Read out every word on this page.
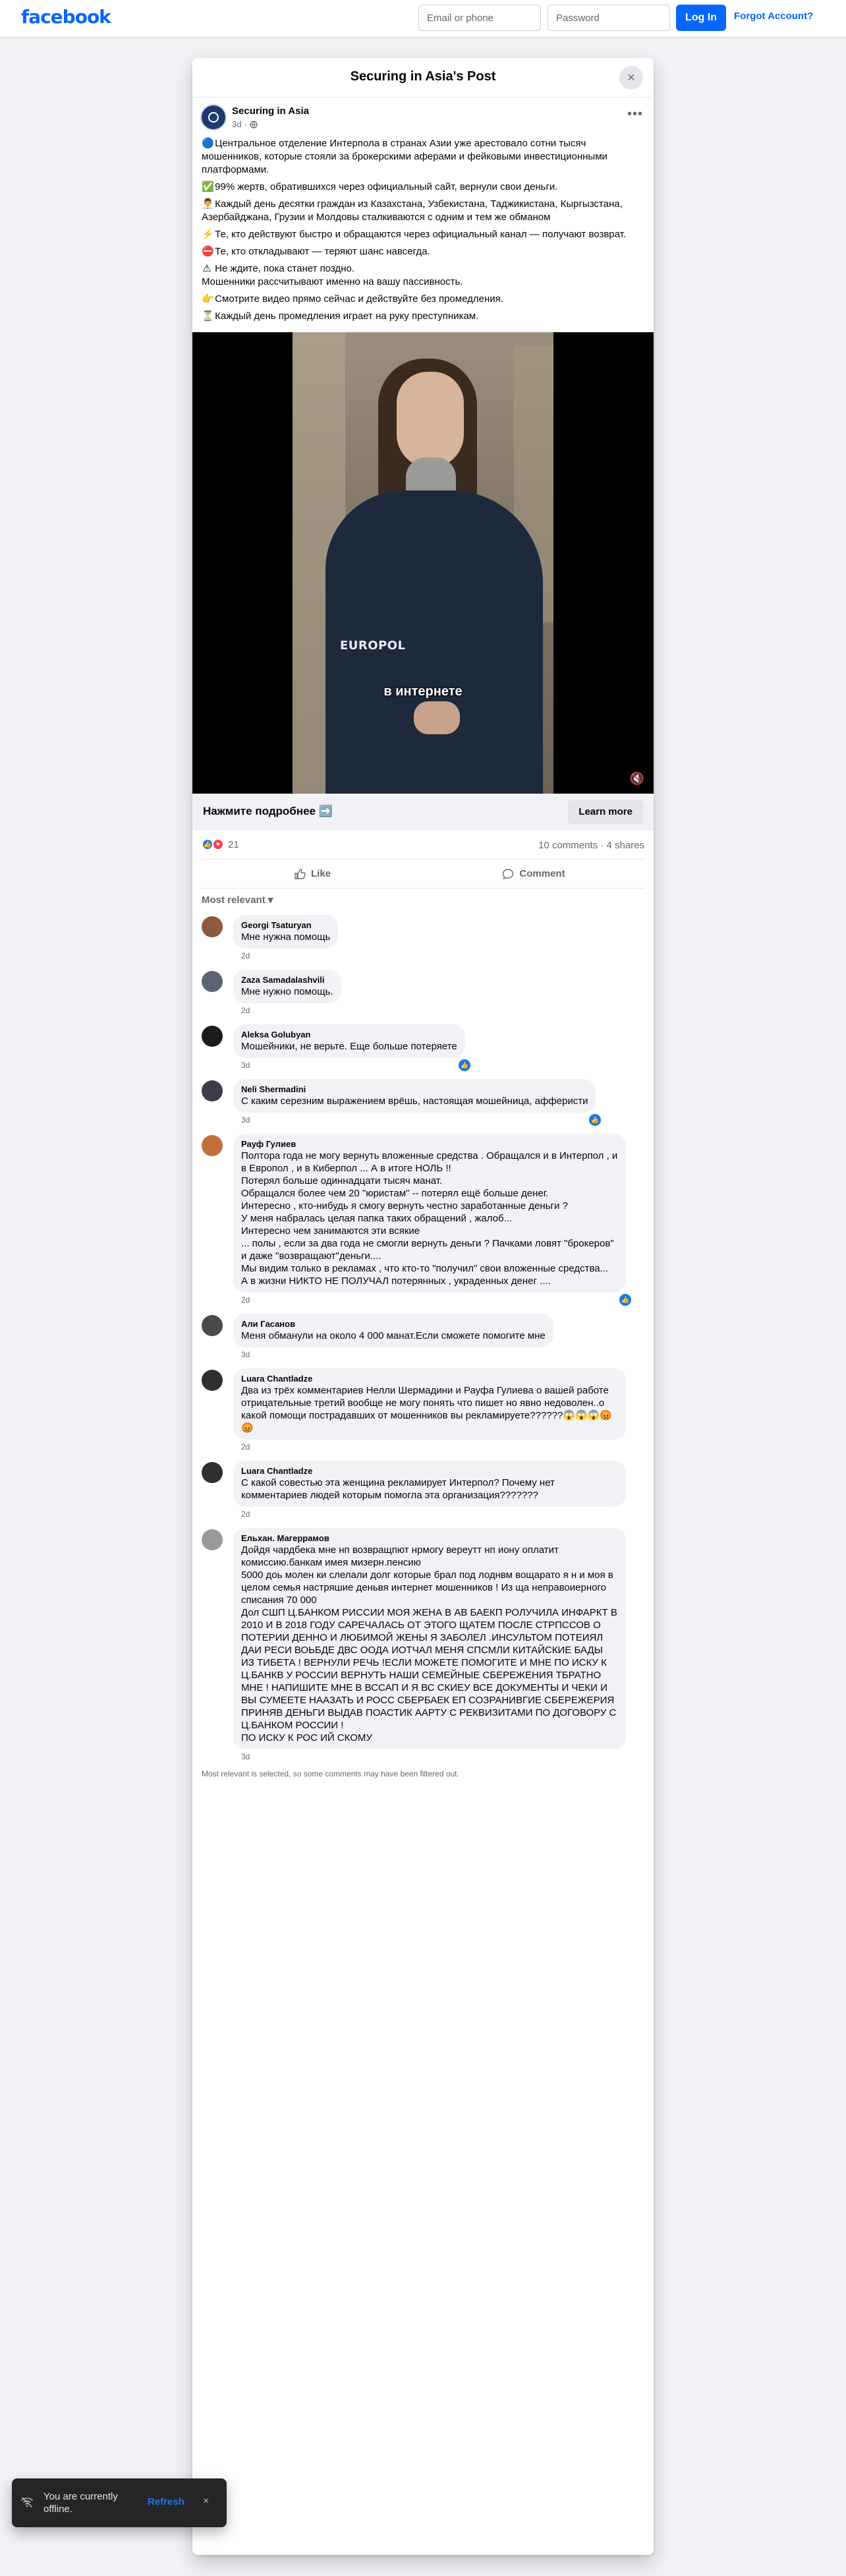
facebook
Email or phone	Log In	Forgot Account?
Securing in Asia's Post	×
Securing in Asia
3d ·
•••

🔵 Центральное отделение Интерпола в странах Азии уже арестовало сотни тысяч мошенников, которые стояли за брокерскими аферами и фейковыми инвестиционными платформами.

✅ 99% жертв, обратившихся через официальный сайт, вернули свои деньги.

👨‍💼 Каждый день десятки граждан из Казахстана, Узбекистана, Таджикистана, Кыргызстана, Азербайджана, Грузии и Молдовы сталкиваются с одним и тем же обманом

⚡ Те, кто действуют быстро и обращаются через официальный канал — получают возврат.

⛔ Те, кто откладывают — теряют шанс навсегда.

⚠ Не ждите, пока станет поздно.
Мошенники рассчитывают именно на вашу пассивность.

👉 Смотрите видео прямо сейчас и действуйте без промедления.

⏳ Каждый день промедления играет на руку преступникам.

EUROPOL
в интернете
🔇
Нажмите подробнее ➡️	Learn more
👍 ♥ 21	10 comments · 4 shares
Like	Comment
Most relevant ▾
Georgi Tsaturyan
Мне нужна помощь
2d
Zaza Samadalashvili
Мне нужно помощь.
2d
Aleksa Golubyan
Мошейники, не верьте. Еще больше потеряете
3d	👍
Neli Shermadini
С каким серезним выражением врёшь, настоящая мошейница, афферисти
3d	👍
Рауф Гулиев
Полтора года не могу вернуть вложенные средства . Обращался и в Интерпол , и в Европол , и в Киберпол ... А в итоге НОЛЬ !!
Потерял больше одиннадцати тысяч манат.
Обращался более чем 20 "юристам" -- потерял ещё больше денег.
Интересно , кто-нибудь я смогу вернуть честно заработанные деньги ?
У меня набралась целая папка таких обращений , жалоб...
Интересно чем занимаются эти всякие
... полы , если за два года не смогли вернуть деньги ? Пачками ловят "брокеров" и даже "возвращают"деньги....
Мы видим только в рекламах , что кто-то "получил" свои вложенные средства...
А в жизни НИКТО НЕ ПОЛУЧАЛ потерянных , украденных денег ....
2d	👍
Али Гасанов
Меня обманули на около 4 000 манат.Если сможете помогите мне
3d
Luara Chantladze
Два из трёх комментариев Нелли Шермадини и Рауфа Гулиева о вашей работе отрицательные третий вообще не могу понять что пишет но явно недоволен..о какой помощи пострадавших от мошенников вы рекламируете??????😱😱😱😡😡
2d
Luara Chantladze
С какой совестью эта женщина рекламирует Интерпол? Почему нет комментариев людей которым помогла эта организация???????
2d
Ельхан. Магеррамов
Дойдя чардбека мне нп возвращпют нрмогу вереутт нп иону оплатит комиссию.банкам имея мизерн.пенсию
5000 доь молен ки слелали долг которые брал под лоднвм вощарато я н и моя в целом семья настряшие деньвя интернет мошенников ! Из ща неправоиерного списания 70 000
Дол СШП Ц.БАНКОМ РИССИИ МОЯ ЖЕНА В АВ БАЕКП РОЛУЧИЛА ИНФАРКТ В 2010 И В 2018 ГОДУ САРЕЧАЛАСЬ ОТ ЭТОГО ЩАТЕМ ПОСЛЕ СТРПССОВ О ПОТЕРИИ ДЕННО И ЛЮБИМОЙ ЖЕНЫ Я ЗАБОЛЕЛ .ИНСУЛЬТОМ ПОТЕИЯЛ ДАИ РЕСИ ВОЬБДЕ ДВС ООДА ИОТЧАЛ МЕНЯ СПСМЛИ КИТАЙСКИЕ БАДЫ ИЗ ТИБЕТА ! ВЕРНУЛИ РЕЧЬ !ЕСЛИ МОЖЕТЕ ПОМОГИТЕ И МНЕ ПО ИСКУ К Ц.БАНКВ У РОССИИ ВЕРНУТЬ НАШИ СЕМЕЙНЫЕ СБЕРЕЖЕНИЯ ТБРАТНО МНЕ ! НАПИШИТЕ МНЕ В ВССАП И Я ВС СКИЕУ ВСЕ ДОКУМЕНТЫ И ЧЕКИ И ВЫ СУМЕЕТЕ НААЗАТЬ И РОСС СБЕРБАЕК ЕП СОЗРАНИВГИЕ СБЕРЕЖЕРИЯ ПРИНЯВ ДЕНЬГИ ВЫДАВ ПОАСТИК ААРТУ С РЕКВИЗИТАМИ ПО ДОГОВОРУ С Ц.БАНКОМ РОССИИ !
ПО ИСКУ К РОС ИЙ СКОМУ
3d
Most relevant is selected, so some comments may have been filtered out.
You are currently offline.
Refresh ×
